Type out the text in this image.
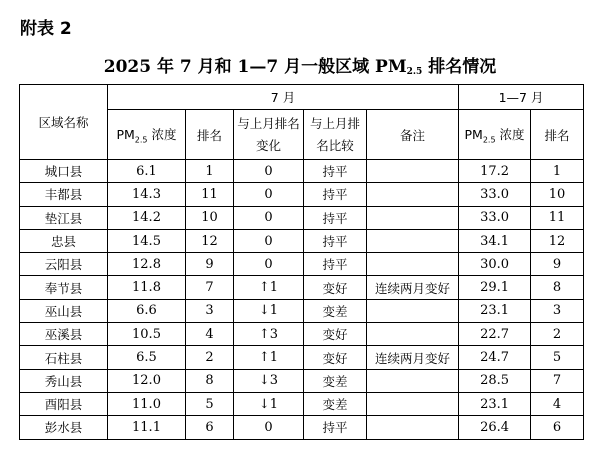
附表 2
2025 年 7 月和 1—7 月一般区域 $PM_{2.5}$ 排名情况
区域名称	7 月					1—7 月	
	$PM_{2.5}$ 浓度	排名	与上月排名变化	与上月排名比较	备注	$PM_{2.5}$ 浓度	排名
城口县	6.1	1	0	持平		17.2	1
丰都县	14.3	11	0	持平		33.0	10
垫江县	14.2	10	0	持平		33.0	11
忠县	14.5	12	0	持平		34.1	12
云阳县	12.8	9	0	持平		30.0	9
奉节县	11.8	7	↑1	变好	连续两月变好	29.1	8
巫山县	6.6	3	↓1	变差		23.1	3
巫溪县	10.5	4	↑3	变好		22.7	2
石柱县	6.5	2	↑1	变好	连续两月变好	24.7	5
秀山县	12.0	8	↓3	变差		28.5	7
酉阳县	11.0	5	↓1	变差		23.1	4
彭水县	11.1	6	0	持平		26.4	6
